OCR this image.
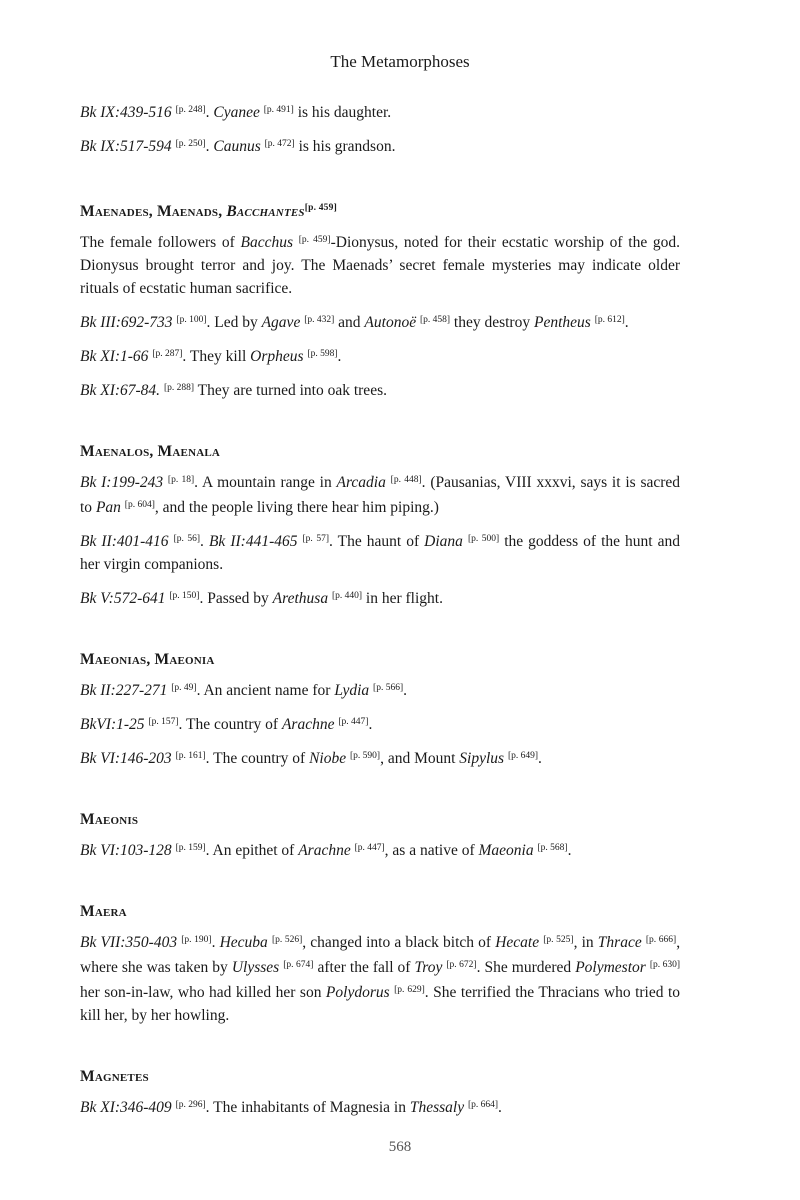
The Metamorphoses

Bk IX:439-516 [p. 248]. Cyanee [p. 491] is his daughter.

Bk IX:517-594 [p. 250]. Caunus [p. 472] is his grandson.

Maenades, Maenads, Bacchantes[p. 459]

The female followers of Bacchus [p. 459]-Dionysus, noted for their ecstatic worship of the god. Dionysus brought terror and joy. The Maenads’ secret female mysteries may indicate older rituals of ecstatic human sacrifice.

Bk III:692-733 [p. 100]. Led by Agave [p. 432] and Autonoë [p. 458] they destroy Pentheus [p. 612].

Bk XI:1-66 [p. 287]. They kill Orpheus [p. 598].

Bk XI:67-84. [p. 288] They are turned into oak trees.

Maenalos, Maenala

Bk I:199-243 [p. 18]. A mountain range in Arcadia [p. 448]. (Pausanias, VIII xxxvi, says it is sacred to Pan [p. 604], and the people living there hear him piping.)

Bk II:401-416 [p. 56]. Bk II:441-465 [p. 57]. The haunt of Diana [p. 500] the goddess of the hunt and her virgin companions.

Bk V:572-641 [p. 150]. Passed by Arethusa [p. 440] in her flight.

Maeonias, Maeonia

Bk II:227-271 [p. 49]. An ancient name for Lydia [p. 566].

BkVI:1-25 [p. 157]. The country of Arachne [p. 447].

Bk VI:146-203 [p. 161]. The country of Niobe [p. 590], and Mount Sipylus [p. 649].

Maeonis

Bk VI:103-128 [p. 159]. An epithet of Arachne [p. 447], as a native of Maeonia [p. 568].

Maera

Bk VII:350-403 [p. 190]. Hecuba [p. 526], changed into a black bitch of Hecate [p. 525], in Thrace [p. 666], where she was taken by Ulysses [p. 674] after the fall of Troy [p. 672]. She murdered Polymestor [p. 630] her son-in-law, who had killed her son Polydorus [p. 629]. She terrified the Thracians who tried to kill her, by her howling.

Magnetes

Bk XI:346-409 [p. 296]. The inhabitants of Magnesia in Thessaly [p. 664].

568
